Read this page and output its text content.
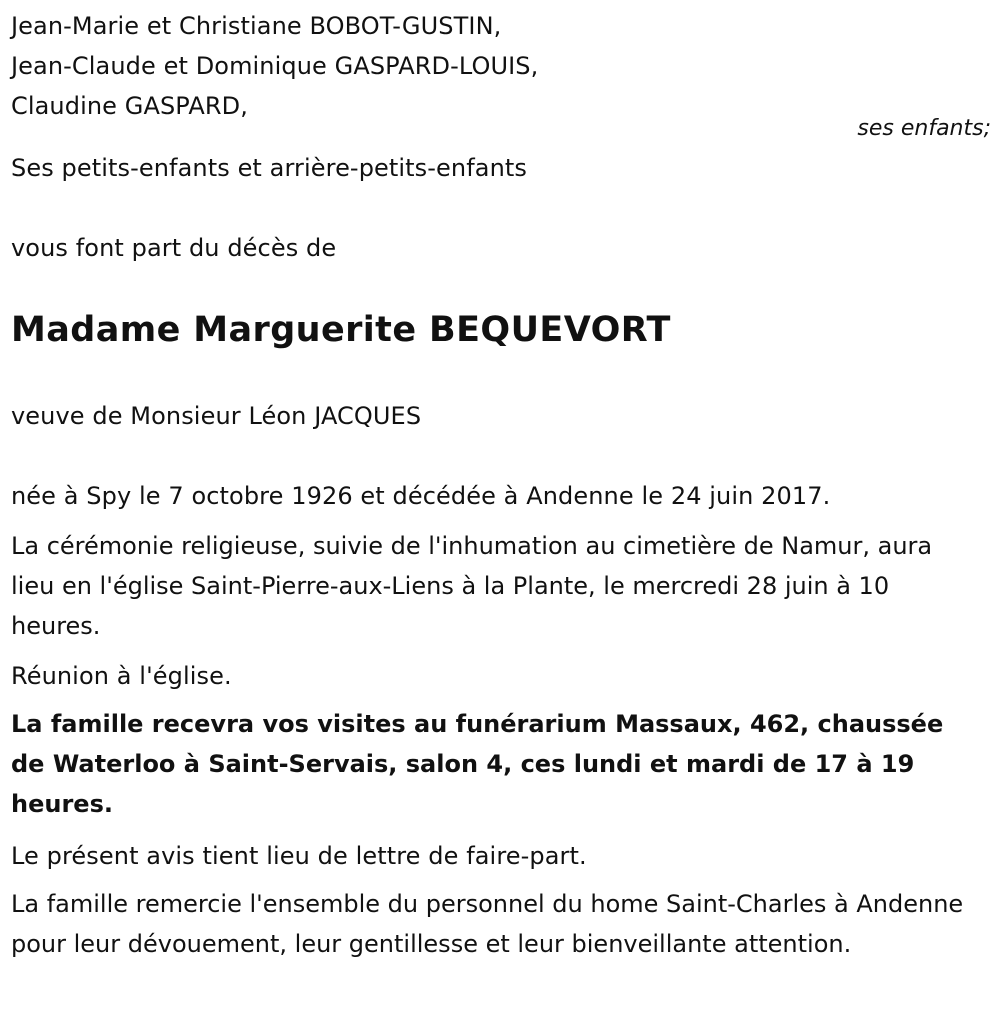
Jean-Marie et Christiane BOBOT-GUSTIN,
Jean-Claude et Dominique GASPARD-LOUIS,
Claudine GASPARD,
ses enfants;
Ses petits-enfants et arrière-petits-enfants
vous font part du décès de
Madame Marguerite BEQUEVORT
veuve de Monsieur Léon JACQUES
née à Spy le 7 octobre 1926 et décédée à Andenne le 24 juin 2017.
La cérémonie religieuse, suivie de l'inhumation au cimetière de Namur, aura lieu en l'église Saint-Pierre-aux-Liens à la Plante, le mercredi 28 juin à 10 heures.
Réunion à l'église.
La famille recevra vos visites au funérarium Massaux, 462, chaussée de Waterloo à Saint-Servais, salon 4, ces lundi et mardi de 17 à 19 heures.
Le présent avis tient lieu de lettre de faire-part.
La famille remercie l'ensemble du personnel du home Saint-Charles à Andenne pour leur dévouement, leur gentillesse et leur bienveillante attention.
